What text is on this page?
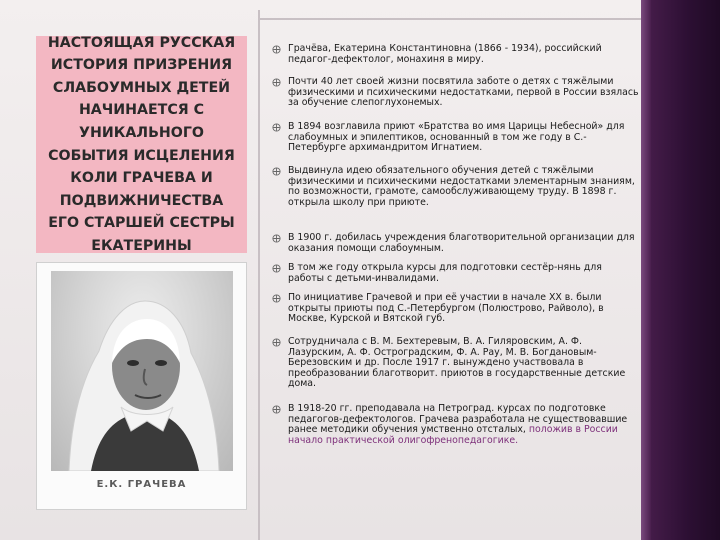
НАСТОЯЩАЯ РУССКАЯ
ИСТОРИЯ ПРИЗРЕНИЯ
СЛАБОУМНЫХ ДЕТЕЙ
НАЧИНАЕТСЯ С
УНИКАЛЬНОГО
СОБЫТИЯ ИСЦЕЛЕНИЯ
КОЛИ ГРАЧЕВА И
ПОДВИЖНИЧЕСТВА
ЕГО СТАРШЕЙ СЕСТРЫ
ЕКАТЕРИНЫ

Е.К. ГРАЧЕВА
Грачёва, Екатерина Константиновна (1866 - 1934), российский педагог-дефектолог, монахиня в миру.
Почти 40 лет своей жизни посвятила заботе о детях с тяжёлыми физическими и психическими недостатками, первой в России взялась за обучение слепоглухонемых.
В 1894 возглавила приют «Братства во имя Царицы Небесной» для слабоумных и эпилептиков, основанный в том же году в С.-Петербурге архимандритом Игнатием.
Выдвинула идею обязательного обучения детей с тяжёлыми физическими и психическими недостатками элементарным знаниям, по возможности, грамоте, самообслуживающему труду. В 1898 г. открыла школу при приюте.
В 1900 г. добилась учреждения благотворительной организации для оказания помощи слабоумным.
В том же году открыла курсы для подготовки сестёр-нянь для работы с детьми-инвалидами.
По инициативе Грачевой и при её участии в начале XX в. были открыты приюты под С.-Петербургом (Полюстрово, Райволо), в Москве, Курской и Вятской губ.
Сотрудничала с В. М. Бехтеревым, В. А. Гиляровским, А. Ф. Лазурским, А. Ф. Остроградским, Ф. А. Рау, М. В. Богдановым-Березовским и др. После 1917 г. вынуждено участвовала в преобразовании благотворит. приютов в государственные детские дома.
В 1918-20 гг. преподавала на Петроград. курсах по подготовке педагогов-дефектологов. Грачева разработала не существовавшие ранее методики обучения умственно отсталых, положив в России начало практической олигофренопедагогике.
